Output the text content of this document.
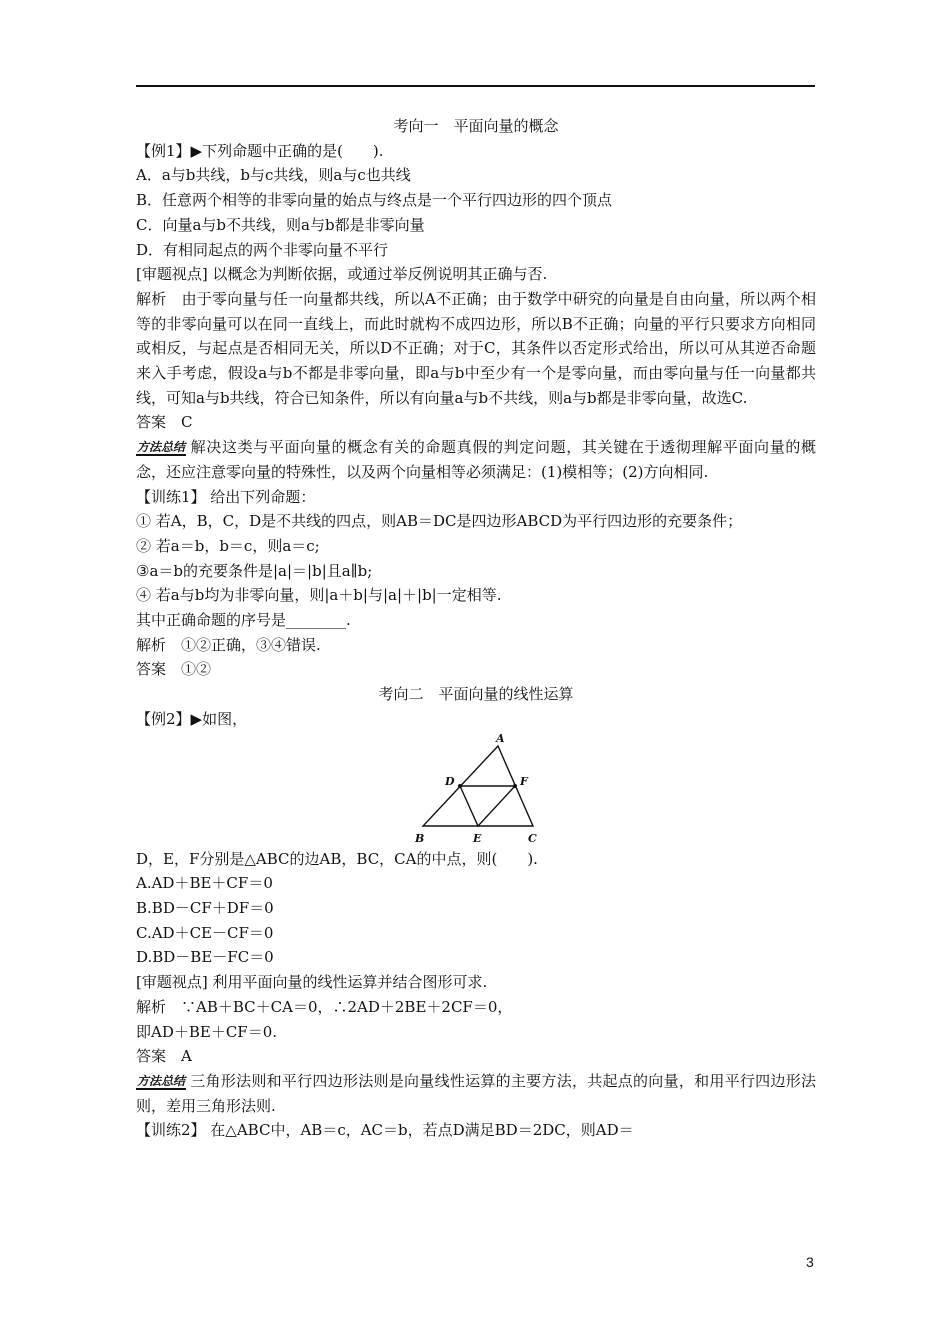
考向一　平面向量的概念

【例1】▶下列命题中正确的是(　　).

A．a与b共线，b与c共线，则a与c也共线

B．任意两个相等的非零向量的始点与终点是一个平行四边形的四个顶点

C．向量a与b不共线，则a与b都是非零向量

D．有相同起点的两个非零向量不平行

[审题视点] 以概念为判断依据，或通过举反例说明其正确与否.

解析　由于零向量与任一向量都共线，所以A不正确；由于数学中研究的向量是自由向量，所以两个相等的非零向量可以在同一直线上，而此时就构不成四边形，所以B不正确；向量的平行只要求方向相同或相反，与起点是否相同无关，所以D不正确；对于C，其条件以否定形式给出，所以可从其逆否命题来入手考虑，假设a与b不都是非零向量，即a与b中至少有一个是零向量，而由零向量与任一向量都共线，可知a与b共线，符合已知条件，所以有向量a与b不共线，则a与b都是非零向量，故选C.

答案　C

方法总结 解决这类与平面向量的概念有关的命题真假的判定问题，其关键在于透彻理解平面向量的概念，还应注意零向量的特殊性，以及两个向量相等必须满足：(1)模相等；(2)方向相同.

【训练1】 给出下列命题：

① 若A，B，C，D是不共线的四点，则AB＝DC是四边形ABCD为平行四边形的充要条件；

② 若a＝b，b＝c，则a＝c;

③a＝b的充要条件是|a|＝|b|且a∥b;

④ 若a与b均为非零向量，则|a＋b|与|a|＋|b|一定相等.

其中正确命题的序号是________.

解析　①②正确，③④错误.

答案　①②

考向二　平面向量的线性运算

【例2】▶如图，

A
B	C
D
E
F

D，E，F分别是△ABC的边AB，BC，CA的中点，则(　　).

A.AD＋BE＋CF＝0

B.BD－CF＋DF＝0

C.AD＋CE－CF＝0

D.BD－BE－FC＝0

[审题视点] 利用平面向量的线性运算并结合图形可求.

解析　∵AB＋BC＋CA＝0，∴2AD＋2BE＋2CF＝0，

即AD＋BE＋CF＝0.

答案　A

方法总结 三角形法则和平行四边形法则是向量线性运算的主要方法，共起点的向量，和用平行四边形法则，差用三角形法则.

【训练2】 在△ABC中，AB＝c，AC＝b，若点D满足BD＝2DC，则AD＝

3
